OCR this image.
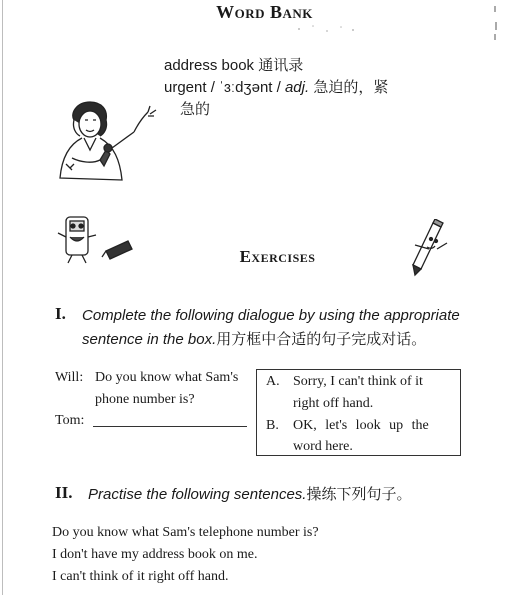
Word Bank
address book 通讯录
urgent / ˈɜːdʒənt / adj. 急迫的，紧
急的
Exercises
I. Complete the following dialogue by using the appropriate
sentence in the box.用方框中合适的句子完成对话。
Will: Do you know what Sam's
phone number is?
Tom:
A. Sorry, I can't think of it
right off hand.
B. OK, let's look up the
word here.
II. Practise the following sentences.操练下列句子。
Do you know what Sam's telephone number is?
I don't have my address book on me.
I can't think of it right off hand.
